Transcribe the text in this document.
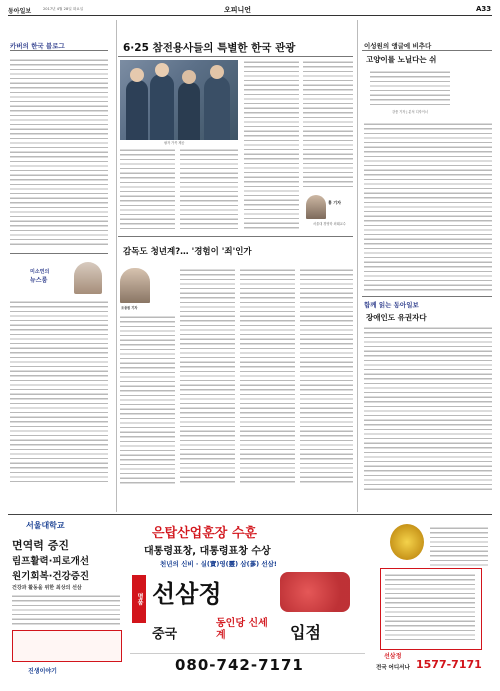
동아일보	2017년 4월 28일 화요일	오피니언	A33
카버의 한국 블로그
미소연의
뉴스룸
6·25 참전용사들의 특별한 한국 관광
필자 가족 제공
홍 기자
서울대 경영학 외래교수
감독도 청년계?… '경험이 '죄'인가
조종원 기자
이성원의 앵글에 비추다
고양이를 노닐다는 쉬
강종 기자 | 분석 디자이너
함께 읽는 동아일보
장애인도 유권자다
서울대학교
면역력 증진
림프활력·피로개선
원기회복·건강증진
건강과 활동을 위한 최상의 선삼
진생이야기
은탑산업훈장 수훈
대통령표창, 대통령표창 수상
천년의 신비 · 실(實)영(靈) 삼(蔘) 선삼!
명품 선삼정
중국
동인당 신세계	입점
080-742-7171	선삼정
전국 어디서나 1577-7171
